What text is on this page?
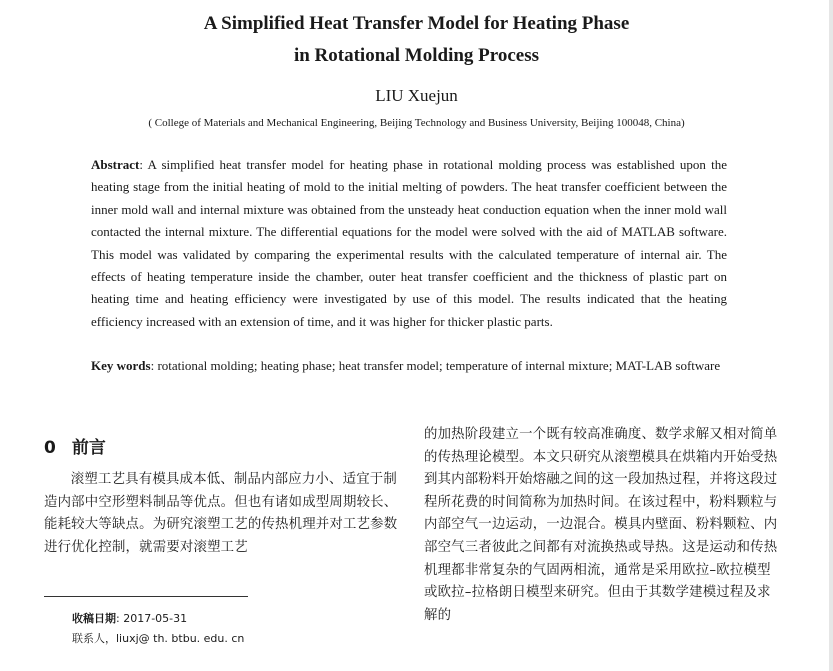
A Simplified Heat Transfer Model for Heating Phase
in Rotational Molding Process
LIU Xuejun
( College of Materials and Mechanical Engineering, Beijing Technology and Business University, Beijing 100048, China)
Abstract: A simplified heat transfer model for heating phase in rotational molding process was established upon the heating stage from the initial heating of mold to the initial melting of powders. The heat transfer coefficient between the inner mold wall and internal mixture was obtained from the unsteady heat conduction equation when the inner mold wall contacted the internal mixture. The differential equations for the model were solved with the aid of MATLAB software. This model was validated by comparing the experimental results with the calculated temperature of internal air. The effects of heating temperature inside the chamber, outer heat transfer coefficient and the thickness of plastic part on heating time and heating efficiency were investigated by use of this model. The results indicated that the heating efficiency increased with an extension of time, and it was higher for thicker plastic parts.
Key words: rotational molding; heating phase; heat transfer model; temperature of internal mixture; MAT-LAB software
0 前言
滚塑工艺具有模具成本低、制品内部应力小、适宜于制造内部中空形塑料制品等优点。但也有诸如成型周期较长、能耗较大等缺点。为研究滚塑工艺的传热机理并对工艺参数进行优化控制，就需要对滚塑工艺
的加热阶段建立一个既有较高准确度、数学求解又相对简单的传热理论模型。本文只研究从滚塑模具在烘箱内开始受热到其内部粉料开始熔融之间的这一段加热过程，并将这段过程所花费的时间简称为加热时间。在该过程中，粉料颗粒与内部空气一边运动，一边混合。模具内壁面、粉料颗粒、内部空气三者彼此之间都有对流换热或导热。这是运动和传热机理都非常复杂的气固两相流，通常是采用欧拉–欧拉模型或欧拉–拉格朗日模型来研究。但由于其数学建模过程及求解的
收稿日期: 2017-05-31
联系人，liuxj@ th. btbu. edu. cn
